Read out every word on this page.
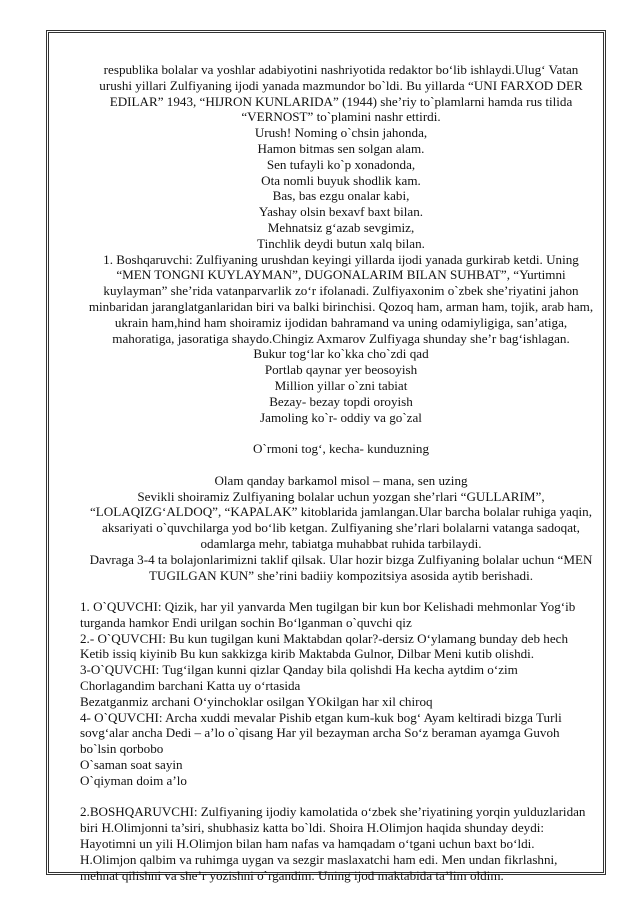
respublika bolalar va yoshlar adabiyotini nashriyotida redaktor bo‘lib ishlaydi.Ulug‘ Vatan

urushi yillari Zulfiyaning ijodi yanada mazmundor bo`ldi. Bu yillarda “UNI FARXOD DER

EDILAR” 1943, “HIJRON KUNLARIDA” (1944) she’riy to`plamlarni hamda rus tilida

“VERNOST” to`plamini nashr ettirdi.

Urush! Noming o`chsin jahonda,

Hamon bitmas sen solgan alam.

Sen tufayli ko`p xonadonda,

Ota nomli buyuk shodlik kam.

Bas, bas ezgu onalar kabi,

Yashay olsin bexavf baxt bilan.

Mehnatsiz g‘azab sevgimiz,

Tinchlik deydi butun xalq bilan.

1. Boshqaruvchi: Zulfiyaning urushdan keyingi yillarda ijodi yanada gurkirab ketdi. Uning

“MEN TONGNI KUYLAYMAN”, DUGONALARIM BILAN SUHBAT”, “Yurtimni

kuylayman” she’rida vatanparvarlik zo‘r ifolanadi. Zulfiyaxonim o`zbek she’riyatini jahon

minbaridan jaranglatganlaridan biri va balki birinchisi. Qozoq ham, arman ham, tojik, arab ham,

ukrain ham,hind ham shoiramiz ijodidan bahramand va uning odamiyligiga, san’atiga,

mahoratiga, jasoratiga shaydo.Chingiz Axmarov Zulfiyaga shunday she’r bag‘ishlagan.

Bukur tog‘lar ko`kka cho`zdi qad

Portlab qaynar yer beosoyish

Million yillar o`zni tabiat

Bezay- bezay topdi oroyish

Jamoling ko`r- oddiy va go`zal

O`rmoni tog‘, kecha- kunduzning

Olam qanday barkamol misol – mana, sen uzing

Sevikli shoiramiz Zulfiyaning bolalar uchun yozgan she’rlari “GULLARIM”,

“LOLAQIZG‘ALDOQ”, “KAPALAK” kitoblarida jamlangan.Ular barcha bolalar ruhiga yaqin,

aksariyati o`quvchilarga yod bo‘lib ketgan. Zulfiyaning she’rlari bolalarni vatanga sadoqat,

odamlarga mehr, tabiatga muhabbat ruhida tarbilaydi.

Davraga 3-4 ta bolajonlarimizni taklif qilsak. Ular hozir bizga Zulfiyaning bolalar uchun “MEN

TUGILGAN KUN” she’rini badiiy kompozitsiya asosida aytib berishadi.

1. O`QUVCHI: Qizik, har yil yanvarda Men tugilgan bir kun bor Kelishadi mehmonlar Yog‘ib

turganda hamkor Endi urilgan sochin Bo‘lganman o`quvchi qiz

2.- O`QUVCHI: Bu kun tugilgan kuni Maktabdan qolar?-dersiz O‘ylamang bunday deb hech

Ketib issiq kiyinib Bu kun sakkizga kirib Maktabda Gulnor, Dilbar Meni kutib olishdi.

3-O`QUVCHI: Tug‘ilgan kunni qizlar Qanday bila qolishdi Ha kecha aytdim o‘zim

Chorlagandim barchani Katta uy o‘rtasida

Bezatganmiz archani O‘yinchoklar osilgan YOkilgan har xil chiroq

4- O`QUVCHI: Archa xuddi mevalar Pishib etgan kum-kuk bog‘ Ayam keltiradi bizga Turli

sovg‘alar ancha Dedi – a’lo o`qisang Har yil bezayman archa So‘z beraman ayamga Guvoh

bo`lsin qorbobo

O`saman soat sayin

O`qiyman doim a’lo

2.BOSHQARUVCHI: Zulfiyaning ijodiy kamolatida o‘zbek she’riyatining yorqin yulduzlaridan

biri H.Olimjonni ta’siri, shubhasiz katta bo`ldi. Shoira H.Olimjon haqida shunday deydi:

Hayotimni un yili H.Olimjon bilan ham nafas va hamqadam o‘tgani uchun baxt bo‘ldi.

H.Olimjon qalbim va ruhimga uygan va sezgir maslaxatchi ham edi. Men undan fikrlashni,

mehnat qilishni va she’r yozishni o`rgandim. Uning ijod maktabida ta’lim oldim.
